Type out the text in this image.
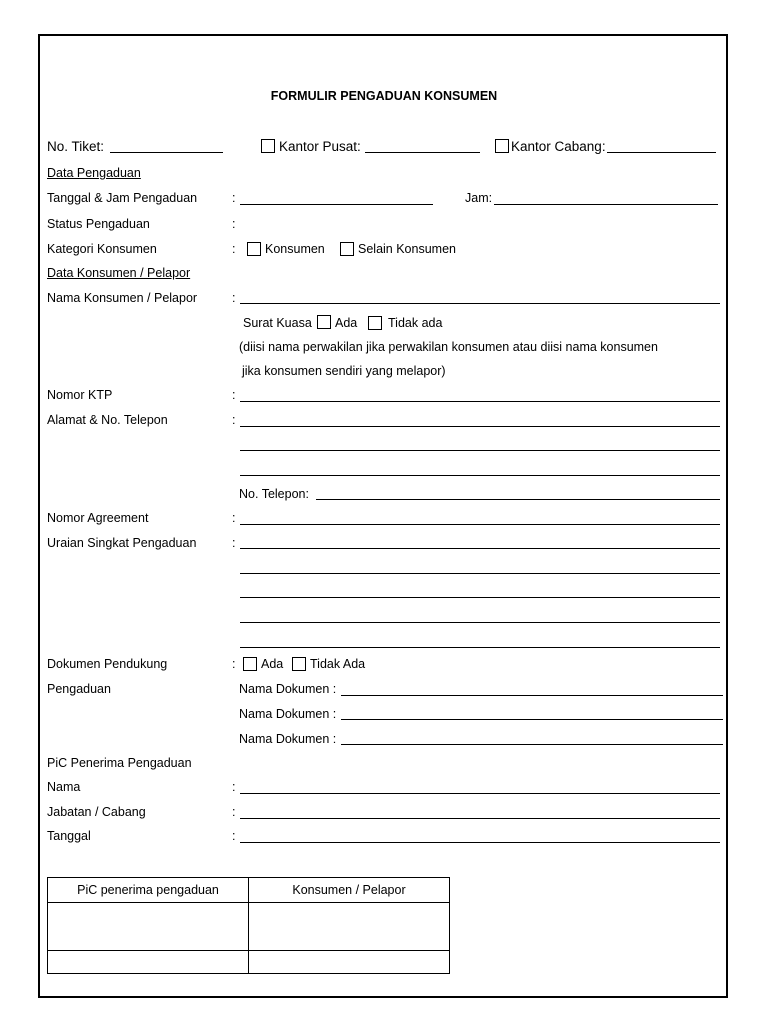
FORMULIR PENGADUAN KONSUMEN
No. Tiket:	Kantor Pusat:	Kantor Cabang:
Data Pengaduan
Tanggal & Jam Pengaduan	:	Jam:
Status Pengaduan	:
Kategori Konsumen	: Konsumen	Selain Konsumen
Data Konsumen / Pelapor
Nama Konsumen / Pelapor	:
Surat Kuasa Ada Tidak ada
(diisi nama perwakilan jika perwakilan konsumen atau diisi nama konsumen
jika konsumen sendiri yang melapor)
Nomor KTP	:
Alamat & No. Telepon	:
No. Telepon:
Nomor Agreement	:
Uraian Singkat Pengaduan	:
Dokumen Pendukung	: Ada Tidak Ada
Pengaduan	Nama Dokumen :
Nama Dokumen :
Nama Dokumen :
PiC Penerima Pengaduan
Nama	:
Jabatan / Cabang	:
Tanggal	:
PiC penerima pengaduan	Konsumen / Pelapor
